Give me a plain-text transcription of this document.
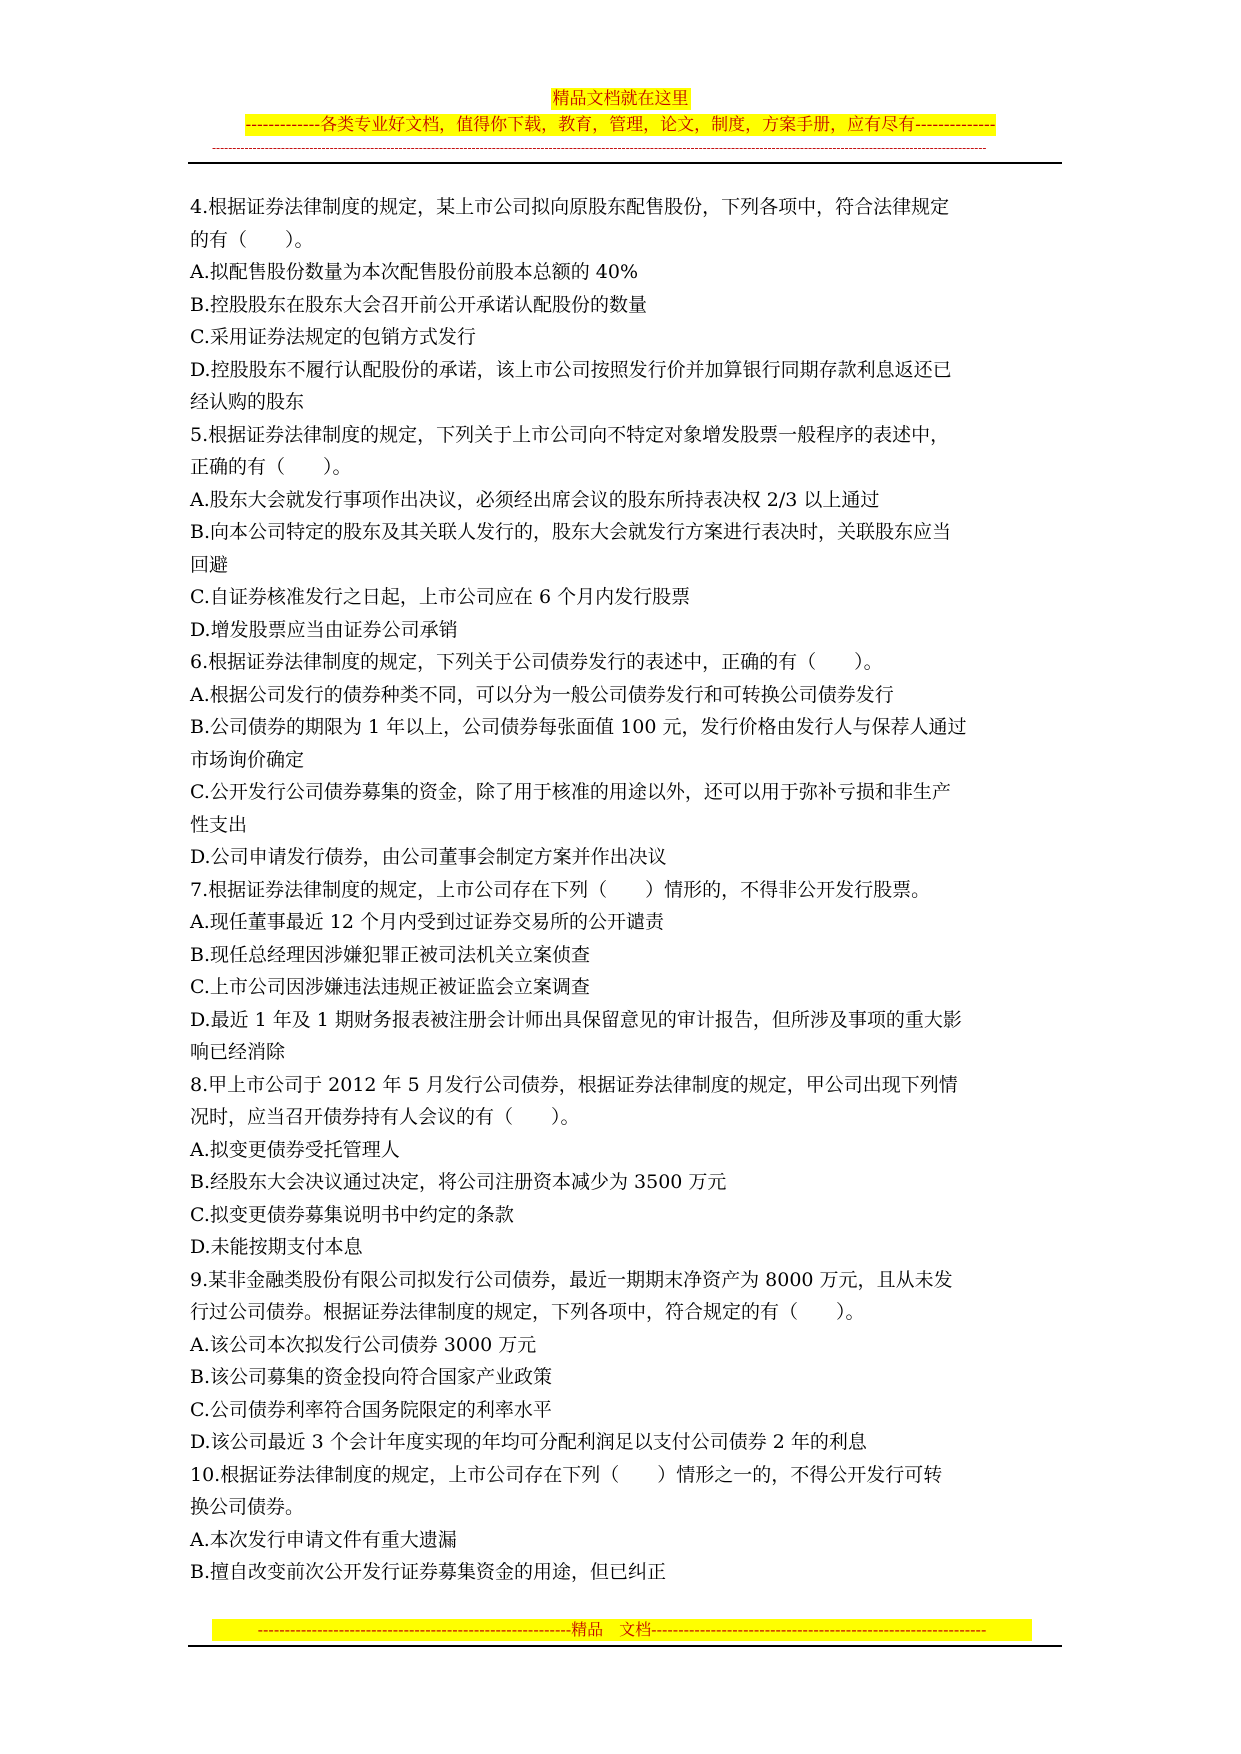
精品文档就在这里
-------------各类专业好文档，值得你下载，教育，管理，论文，制度，方案手册，应有尽有--------------
-----------------------------------------------------------------------------------------------------------------------------------------------------------------------------------------------
4.根据证券法律制度的规定，某上市公司拟向原股东配售股份，下列各项中，符合法律规定
的有（　　）。
A.拟配售股份数量为本次配售股份前股本总额的 40%
B.控股股东在股东大会召开前公开承诺认配股份的数量
C.采用证券法规定的包销方式发行
D.控股股东不履行认配股份的承诺，该上市公司按照发行价并加算银行同期存款利息返还已
经认购的股东
5.根据证券法律制度的规定，下列关于上市公司向不特定对象增发股票一般程序的表述中，
正确的有（　　）。
A.股东大会就发行事项作出决议，必须经出席会议的股东所持表决权 2/3 以上通过
B.向本公司特定的股东及其关联人发行的，股东大会就发行方案进行表决时，关联股东应当
回避
C.自证券核准发行之日起，上市公司应在 6 个月内发行股票
D.增发股票应当由证券公司承销
6.根据证券法律制度的规定，下列关于公司债券发行的表述中，正确的有（　　）。
A.根据公司发行的债券种类不同，可以分为一般公司债券发行和可转换公司债券发行
B.公司债券的期限为 1 年以上，公司债券每张面值 100 元，发行价格由发行人与保荐人通过
市场询价确定
C.公开发行公司债券募集的资金，除了用于核准的用途以外，还可以用于弥补亏损和非生产
性支出
D.公司申请发行债券，由公司董事会制定方案并作出决议
7.根据证券法律制度的规定，上市公司存在下列（　　）情形的，不得非公开发行股票。
A.现任董事最近 12 个月内受到过证券交易所的公开谴责
B.现任总经理因涉嫌犯罪正被司法机关立案侦查
C.上市公司因涉嫌违法违规正被证监会立案调查
D.最近 1 年及 1 期财务报表被注册会计师出具保留意见的审计报告，但所涉及事项的重大影
响已经消除
8.甲上市公司于 2012 年 5 月发行公司债券，根据证券法律制度的规定，甲公司出现下列情
况时，应当召开债券持有人会议的有（　　）。
A.拟变更债券受托管理人
B.经股东大会决议通过决定，将公司注册资本减少为 3500 万元
C.拟变更债券募集说明书中约定的条款
D.未能按期支付本息
9.某非金融类股份有限公司拟发行公司债券，最近一期期末净资产为 8000 万元，且从未发
行过公司债券。根据证券法律制度的规定，下列各项中，符合规定的有（　　）。
A.该公司本次拟发行公司债券 3000 万元
B.该公司募集的资金投向符合国家产业政策
C.公司债券利率符合国务院限定的利率水平
D.该公司最近 3 个会计年度实现的年均可分配利润足以支付公司债券 2 年的利息
10.根据证券法律制度的规定，上市公司存在下列（　　）情形之一的，不得公开发行可转
换公司债券。
A.本次发行申请文件有重大遗漏
B.擅自改变前次公开发行证券募集资金的用途，但已纠正
----------------------------------------------------------精品　文档--------------------------------------------------------------
